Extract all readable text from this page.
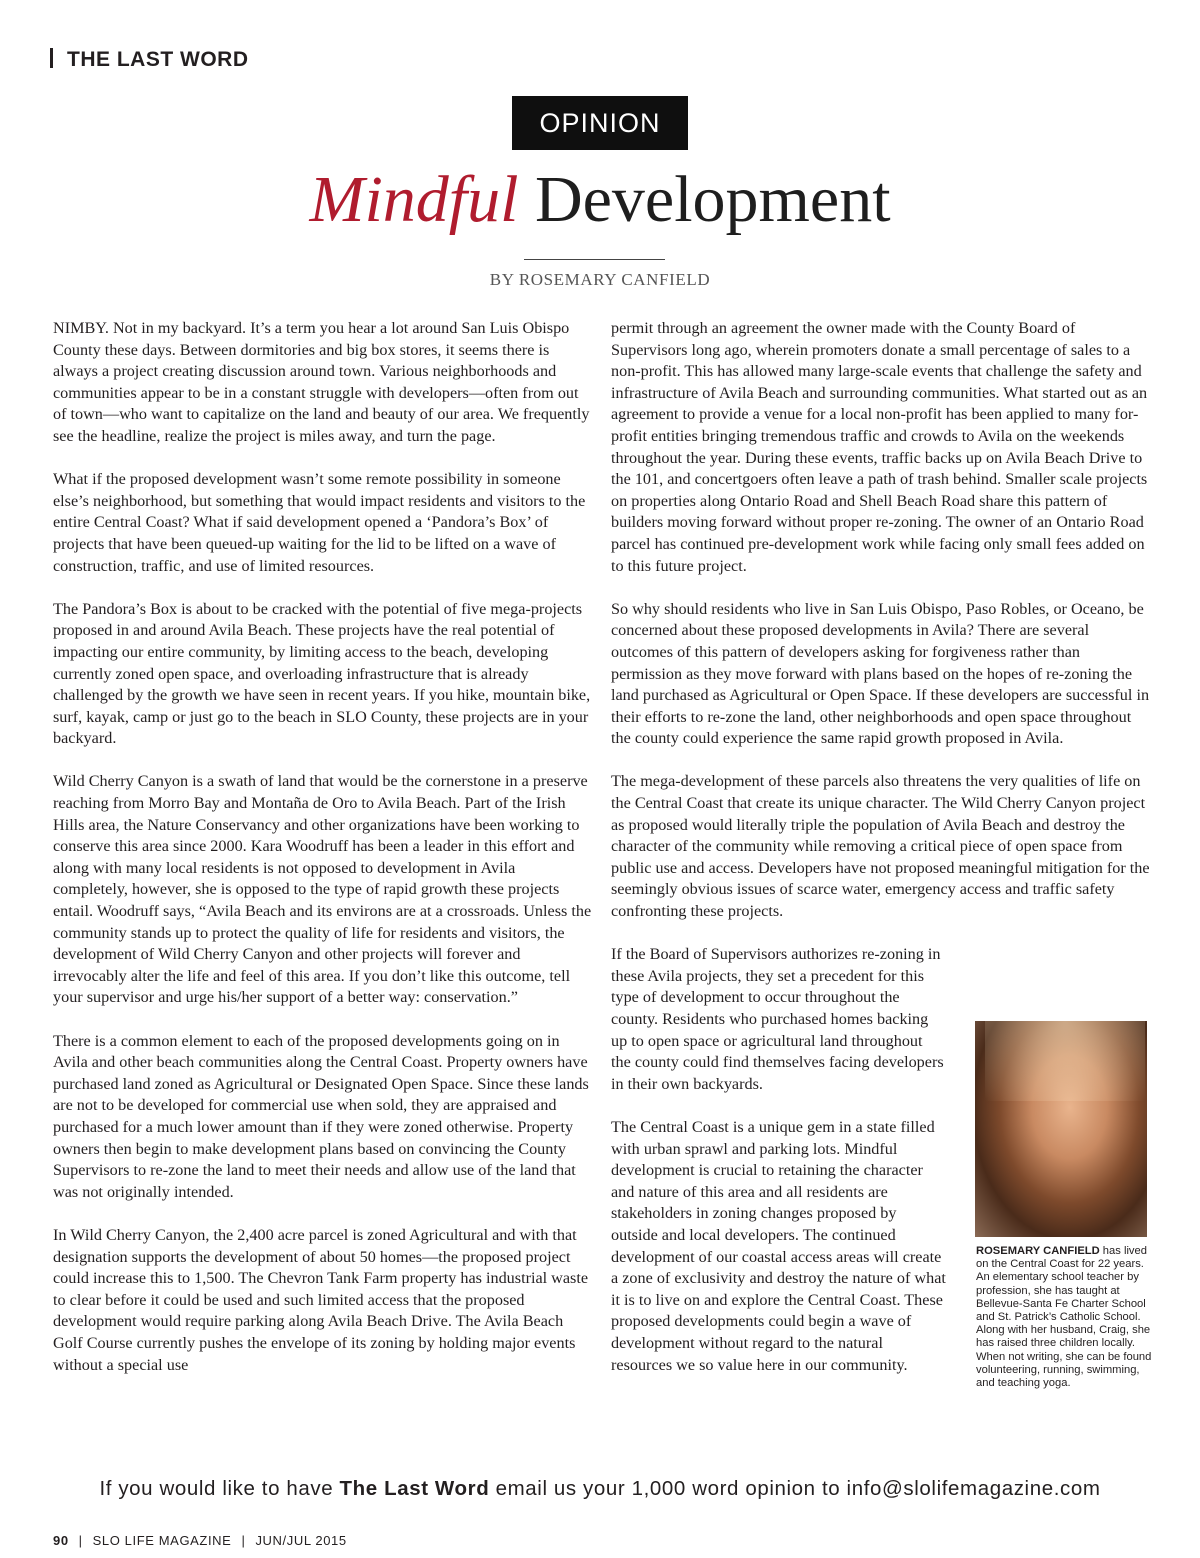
THE LAST WORD
OPINION
Mindful Development
BY ROSEMARY CANFIELD

NIMBY. Not in my backyard. It’s a term you hear a lot around San Luis Obispo County these days. Between dormitories and big box stores, it seems there is always a project creating discussion around town. Various neighborhoods and communities appear to be in a constant struggle with developers—often from out of town—who want to capitalize on the land and beauty of our area. We frequently see the headline, realize the project is miles away, and turn the page.

What if the proposed development wasn’t some remote possibility in someone else’s neighborhood, but something that would impact residents and visitors to the entire Central Coast? What if said development opened a ‘Pandora’s Box’ of projects that have been queued-up waiting for the lid to be lifted on a wave of construction, traffic, and use of limited resources.

The Pandora’s Box is about to be cracked with the potential of five mega-projects proposed in and around Avila Beach. These projects have the real potential of impacting our entire community, by limiting access to the beach, developing currently zoned open space, and overloading infrastructure that is already challenged by the growth we have seen in recent years. If you hike, mountain bike, surf, kayak, camp or just go to the beach in SLO County, these projects are in your backyard.

Wild Cherry Canyon is a swath of land that would be the cornerstone in a preserve reaching from Morro Bay and Montaña de Oro to Avila Beach. Part of the Irish Hills area, the Nature Conservancy and other organizations have been working to conserve this area since 2000. Kara Woodruff has been a leader in this effort and along with many local residents is not opposed to development in Avila completely, however, she is opposed to the type of rapid growth these projects entail. Woodruff says, “Avila Beach and its environs are at a crossroads. Unless the community stands up to protect the quality of life for residents and visitors, the development of Wild Cherry Canyon and other projects will forever and irrevocably alter the life and feel of this area. If you don’t like this outcome, tell your supervisor and urge his/her support of a better way: conservation.”

There is a common element to each of the proposed developments going on in Avila and other beach communities along the Central Coast. Property owners have purchased land zoned as Agricultural or Designated Open Space. Since these lands are not to be developed for commercial use when sold, they are appraised and purchased for a much lower amount than if they were zoned otherwise. Property owners then begin to make development plans based on convincing the County Supervisors to re-zone the land to meet their needs and allow use of the land that was not originally intended.

In Wild Cherry Canyon, the 2,400 acre parcel is zoned Agricultural and with that designation supports the development of about 50 homes—the proposed project could increase this to 1,500. The Chevron Tank Farm property has industrial waste to clear before it could be used and such limited access that the proposed development would require parking along Avila Beach Drive. The Avila Beach Golf Course currently pushes the envelope of its zoning by holding major events without a special use

permit through an agreement the owner made with the County Board of Supervisors long ago, wherein promoters donate a small percentage of sales to a non-profit. This has allowed many large-scale events that challenge the safety and infrastructure of Avila Beach and surrounding communities. What started out as an agreement to provide a venue for a local non-profit has been applied to many for-profit entities bringing tremendous traffic and crowds to Avila on the weekends throughout the year. During these events, traffic backs up on Avila Beach Drive to the 101, and concertgoers often leave a path of trash behind. Smaller scale projects on properties along Ontario Road and Shell Beach Road share this pattern of builders moving forward without proper re-zoning. The owner of an Ontario Road parcel has continued pre-development work while facing only small fees added on to this future project.

So why should residents who live in San Luis Obispo, Paso Robles, or Oceano, be concerned about these proposed developments in Avila? There are several outcomes of this pattern of developers asking for forgiveness rather than permission as they move forward with plans based on the hopes of re-zoning the land purchased as Agricultural or Open Space. If these developers are successful in their efforts to re-zone the land, other neighborhoods and open space throughout the county could experience the same rapid growth proposed in Avila.

The mega-development of these parcels also threatens the very qualities of life on the Central Coast that create its unique character. The Wild Cherry Canyon project as proposed would literally triple the population of Avila Beach and destroy the character of the community while removing a critical piece of open space from public use and access. Developers have not proposed meaningful mitigation for the seemingly obvious issues of scarce water, emergency access and traffic safety confronting these projects.

If the Board of Supervisors authorizes re-zoning in these Avila projects, they set a precedent for this type of development to occur throughout the county. Residents who purchased homes backing up to open space or agricultural land throughout the county could find themselves facing developers in their own backyards.

The Central Coast is a unique gem in a state filled with urban sprawl and parking lots. Mindful development is crucial to retaining the character and nature of this area and all residents are stakeholders in zoning changes proposed by outside and local developers. The continued development of our coastal access areas will create a zone of exclusivity and destroy the nature of what it is to live on and explore the Central Coast. These proposed developments could begin a wave of development without regard to the natural resources we so value here in our community.

ROSEMARY CANFIELD has lived on the Central Coast for 22 years. An elementary school teacher by profession, she has taught at Bellevue-Santa Fe Charter School and St. Patrick’s Catholic School. Along with her husband, Craig, she has raised three children locally. When not writing, she can be found volunteering, running, swimming, and teaching yoga.
If you would like to have The Last Word email us your 1,000 word opinion to info@slolifemagazine.com
90 | SLO LIFE MAGAZINE | JUN/JUL 2015
